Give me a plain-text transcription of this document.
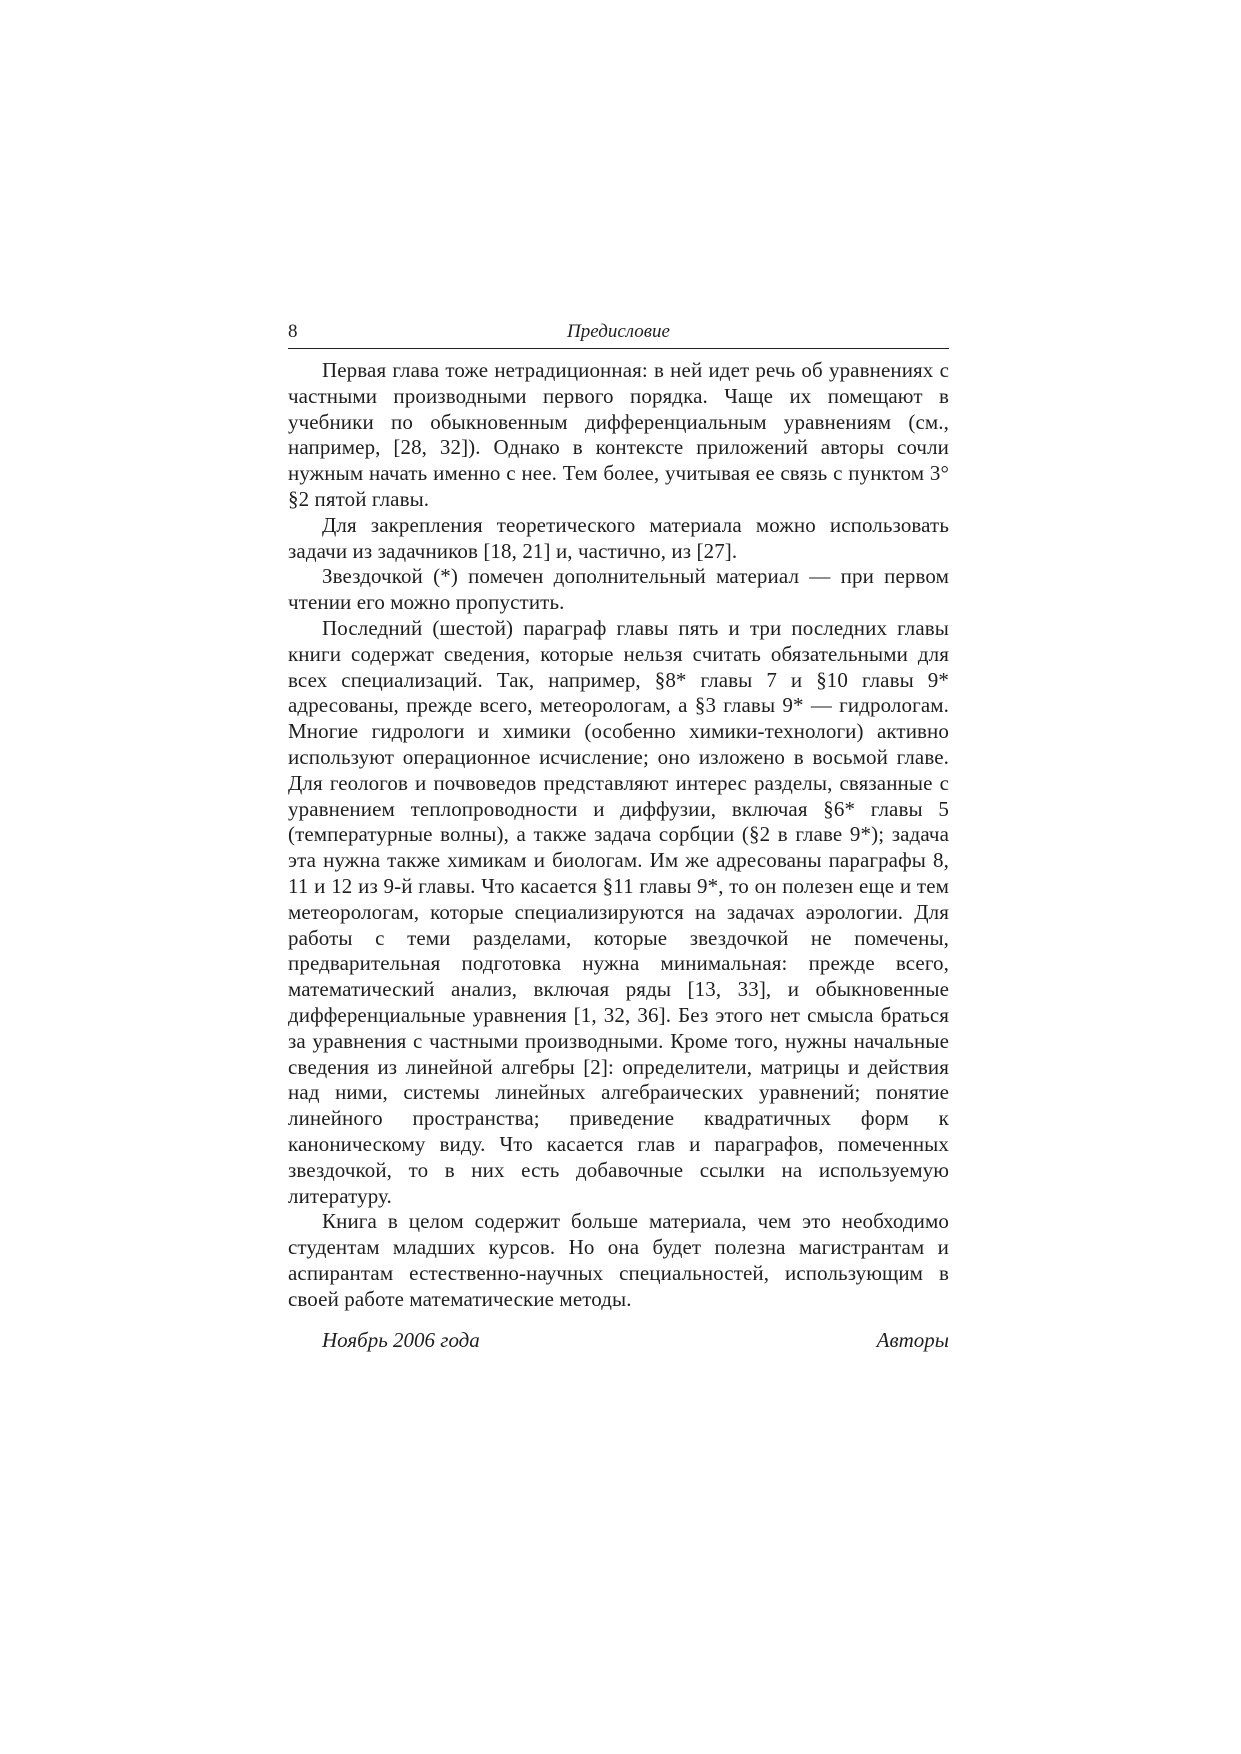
8	Предисловие

Первая глава тоже нетрадиционная: в ней идет речь об уравнениях с частными производными первого порядка. Чаще их помещают в учебники по обыкновенным дифференциальным уравнениям (см., например, [28, 32]). Однако в контексте приложений авторы сочли нужным начать именно с нее. Тем более, учитывая ее связь с пунктом 3° §2 пятой главы.

Для закрепления теоретического материала можно использовать задачи из задачников [18, 21] и, частично, из [27].

Звездочкой (*) помечен дополнительный материал — при первом чтении его можно пропустить.

Последний (шестой) параграф главы пять и три последних главы книги содержат сведения, которые нельзя считать обязательными для всех специализаций. Так, например, §8* главы 7 и §10 главы 9* адресованы, прежде всего, метеорологам, а §3 главы 9* — гидрологам. Многие гидрологи и химики (особенно химики-технологи) активно используют операционное исчисление; оно изложено в восьмой главе. Для геологов и почвоведов представляют интерес разделы, связанные с уравнением теплопроводности и диффузии, включая §6* главы 5 (температурные волны), а также задача сорбции (§2 в главе 9*); задача эта нужна также химикам и биологам. Им же адресованы параграфы 8, 11 и 12 из 9-й главы. Что касается §11 главы 9*, то он полезен еще и тем метеорологам, которые специализируются на задачах аэрологии. Для работы с теми разделами, которые звездочкой не помечены, предварительная подготовка нужна минимальная: прежде всего, математический анализ, включая ряды [13, 33], и обыкновенные дифференциальные уравнения [1, 32, 36]. Без этого нет смысла браться за уравнения с частными производными. Кроме того, нужны начальные сведения из линейной алгебры [2]: определители, матрицы и действия над ними, системы линейных алгебраических уравнений; понятие линейного пространства; приведение квадратичных форм к каноническому виду. Что касается глав и параграфов, помеченных звездочкой, то в них есть добавочные ссылки на используемую литературу.

Книга в целом содержит больше материала, чем это необходимо студентам младших курсов. Но она будет полезна магистрантам и аспирантам естественно-научных специальностей, использующим в своей работе математические методы.

Ноябрь 2006 года	Авторы
